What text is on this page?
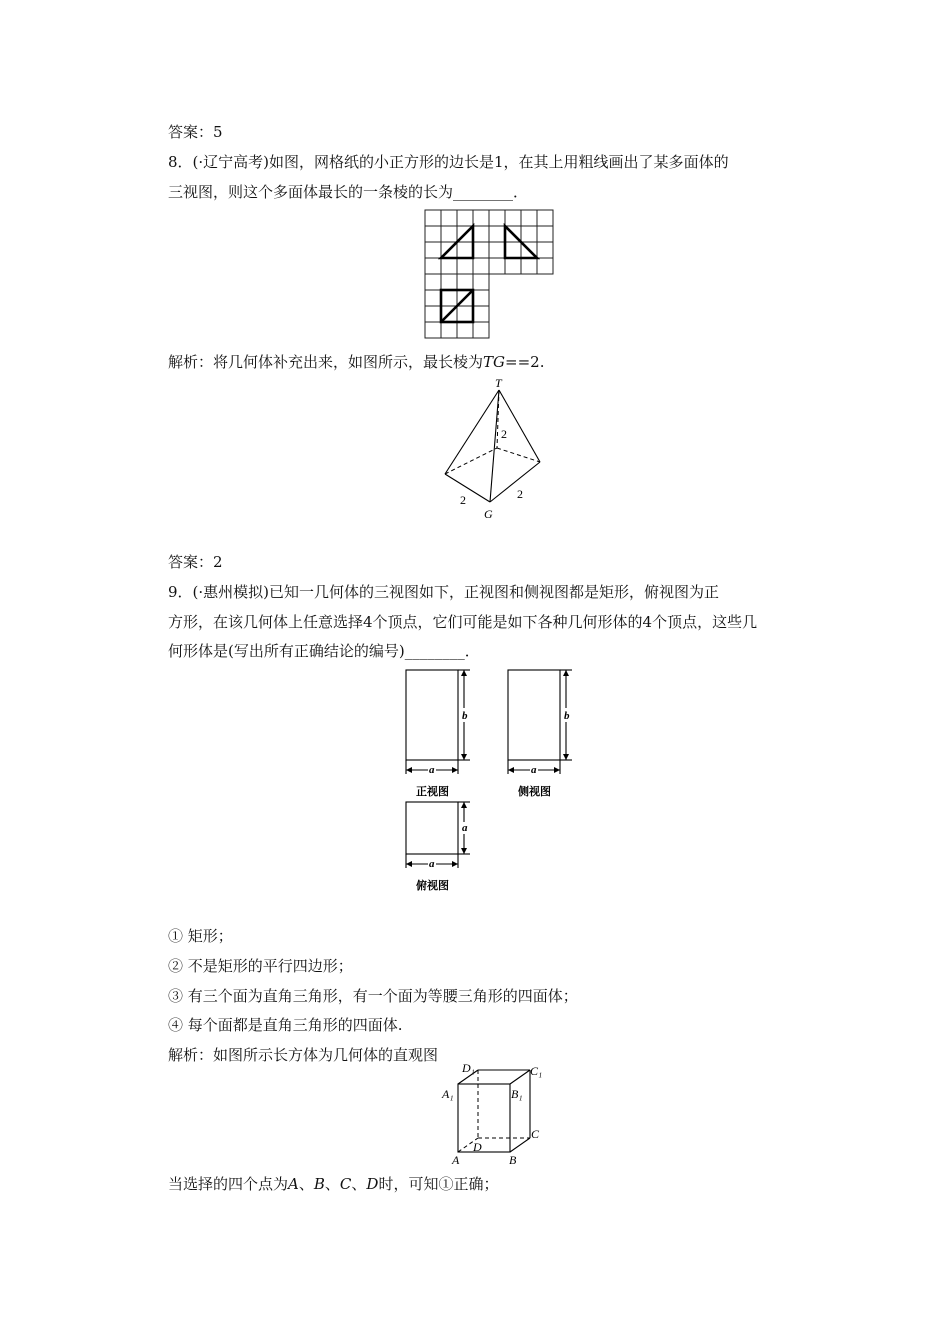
答案：5
8．(·辽宁高考)如图，网格纸的小正方形的边长是1，在其上用粗线画出了某多面体的
三视图，则这个多面体最长的一条棱的长为________．
解析：将几何体补充出来，如图所示，最长棱为TG==2.
T
G
2
2	2
答案：2
9．(·惠州模拟)已知一几何体的三视图如下，正视图和侧视图都是矩形，俯视图为正
方形，在该几何体上任意选择4个顶点，它们可能是如下各种几何形体的4个顶点，这些几
何形体是(写出所有正确结论的编号)________．
b
a
b
a
a
a
正视图	侧视图
俯视图
① 矩形；
② 不是矩形的平行四边形；
③ 有三个面为直角三角形，有一个面为等腰三角形的四面体；
④ 每个面都是直角三角形的四面体.
解析：如图所示长方体为几何体的直观图
D₁	C₁
A₁	B₁
D
C
A	B
当选择的四个点为A、B、C、D时，可知①正确；
